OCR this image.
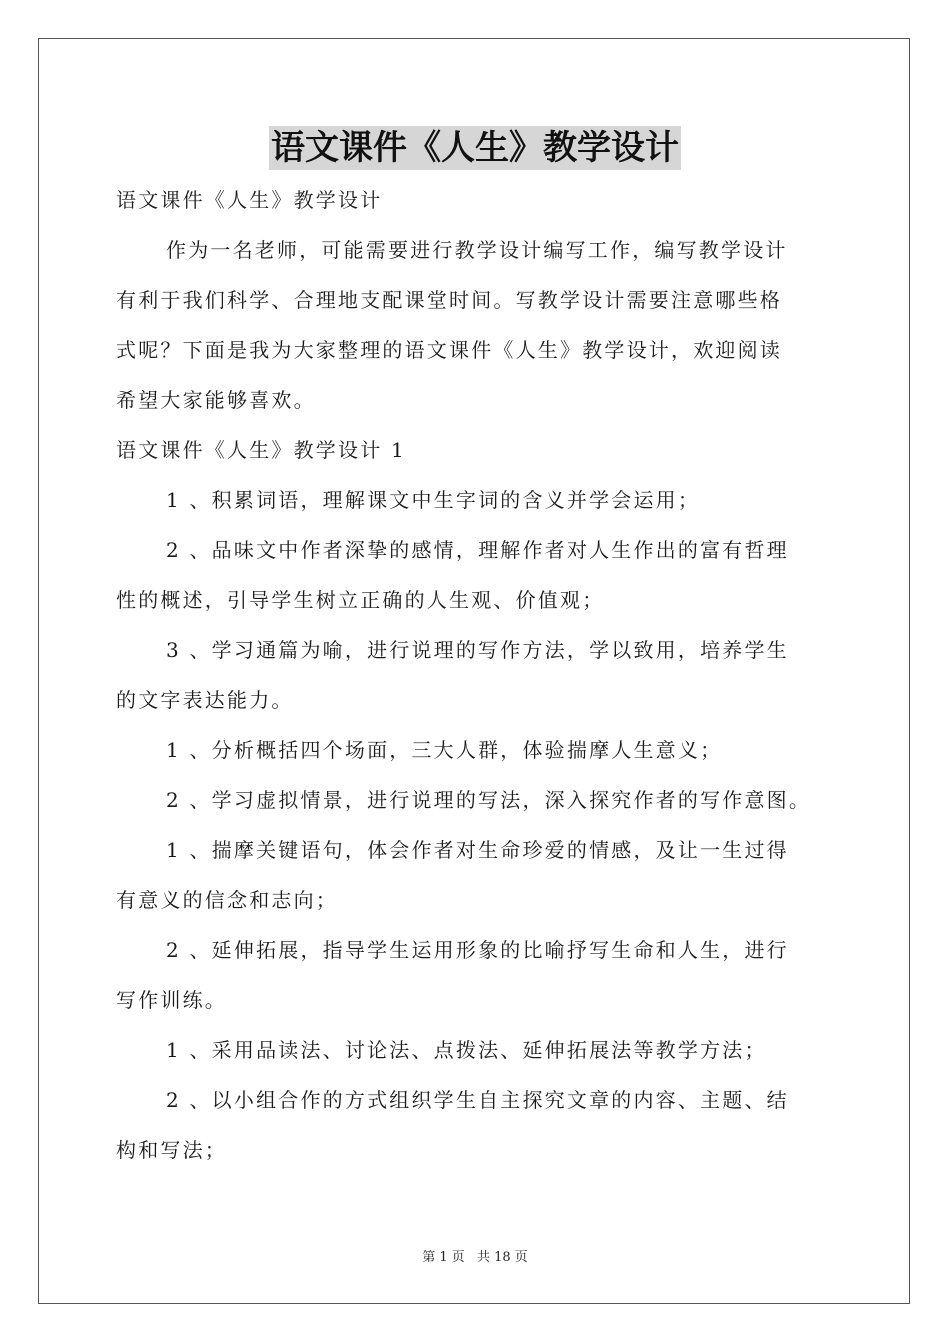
语文课件《人生》教学设计
语文课件《人生》教学设计
作为一名老师，可能需要进行教学设计编写工作，编写教学设计
有利于我们科学、合理地支配课堂时间。写教学设计需要注意哪些格
式呢？下面是我为大家整理的语文课件《人生》教学设计，欢迎阅读
希望大家能够喜欢。
语文课件《人生》教学设计 1
1 、积累词语，理解课文中生字词的含义并学会运用；
2 、品味文中作者深挚的感情，理解作者对人生作出的富有哲理
性的概述，引导学生树立正确的人生观、价值观；
3 、学习通篇为喻，进行说理的写作方法，学以致用，培养学生
的文字表达能力。
1 、分析概括四个场面，三大人群，体验揣摩人生意义；
2 、学习虚拟情景，进行说理的写法，深入探究作者的写作意图。
1 、揣摩关键语句，体会作者对生命珍爱的情感，及让一生过得
有意义的信念和志向；
2 、延伸拓展，指导学生运用形象的比喻抒写生命和人生，进行
写作训练。
1 、采用品读法、讨论法、点拨法、延伸拓展法等教学方法；
2 、以小组合作的方式组织学生自主探究文章的内容、主题、结
构和写法；
第 1 页 共 18 页
